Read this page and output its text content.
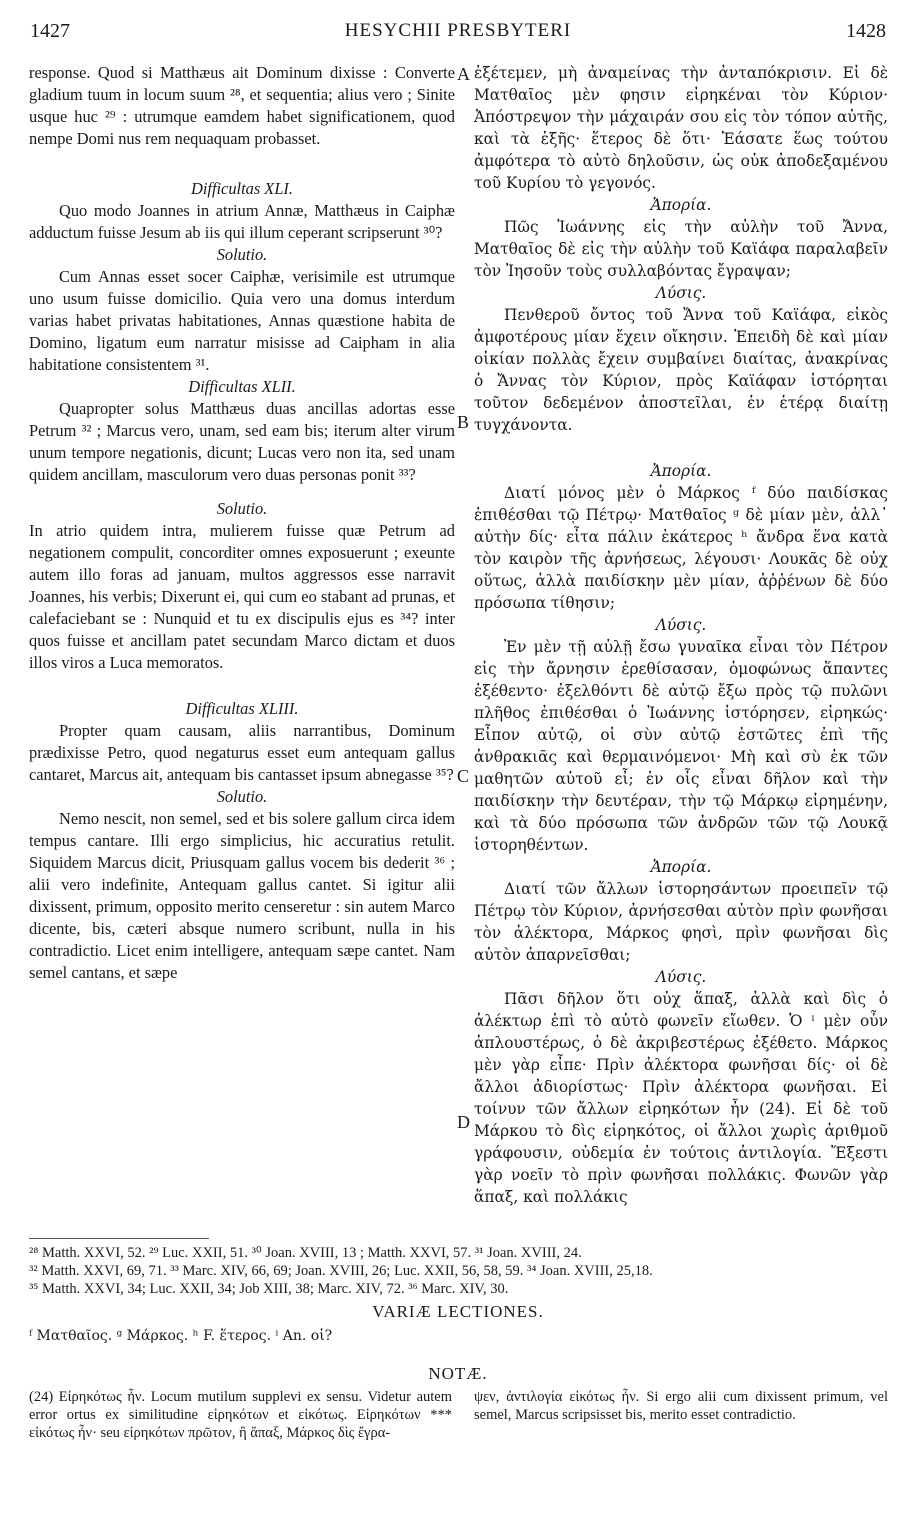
1427	HESYCHII PRESBYTERI	1428

response. Quod si Matthæus ait Dominum dixisse : Converte gladium tuum in locum suum ²⁸, et sequentia; alius vero ; Sinite usque huc ²⁹ : utrumque eamdem habet significationem, quod nempe Domi nus rem nequaquam probasset.

Difficultas XLI.

Quo modo Joannes in atrium Annæ, Matthæus in Caiphæ adductum fuisse Jesum ab iis qui illum ceperant scripserunt ³⁰?

Solutio.

Cum Annas esset socer Caiphæ, verisimile est utrumque uno usum fuisse domicilio. Quia vero una domus interdum varias habet privatas habitationes, Annas quæstione habita de Domino, ligatum eum narratur misisse ad Caipham in alia habitatione consistentem ³¹.

Difficultas XLII.

Quapropter solus Matthæus duas ancillas adortas esse Petrum ³² ; Marcus vero, unam, sed eam bis; iterum alter virum unum tempore negationis, dicunt; Lucas vero non ita, sed unam quidem ancillam, masculorum vero duas personas ponit ³³?

Solutio.

In atrio quidem intra, mulierem fuisse quæ Petrum ad negationem compulit, concorditer omnes exposuerunt ; exeunte autem illo foras ad januam, multos aggressos esse narravit Joannes, his verbis; Dixerunt ei, qui cum eo stabant ad prunas, et calefaciebant se : Nunquid et tu ex discipulis ejus es ³⁴? inter quos fuisse et ancillam patet secundam Marco dictam et duos illos viros a Luca memoratos.

Difficultas XLIII.

Propter quam causam, aliis narrantibus, Dominum prædixisse Petro, quod negaturus esset eum antequam gallus cantaret, Marcus ait, antequam bis cantasset ipsum abnegasse ³⁵?

Solutio.

Nemo nescit, non semel, sed et bis solere gallum circa idem tempus cantare. Illi ergo simplicius, hic accuratius retulit. Siquidem Marcus dicit, Priusquam gallus vocem bis dederit ³⁶ ; alii vero indefinite, Antequam gallus cantet. Si igitur alii dixissent, primum, opposito merito censeretur : sin autem Marco dicente, bis, cæteri absque numero scribunt, nulla in his contradictio. Licet enim intelligere, antequam sæpe cantet. Nam semel cantans, et sæpe

ἐξέτεμεν, μὴ ἀναμείνας τὴν ἀνταπόκρισιν. Εἰ δὲ Ματθαῖος μὲν φησιν εἰρηκέναι τὸν Κύριον· Ἀπόστρεψον τὴν μάχαιράν σου εἰς τὸν τόπον αὐτῆς, καὶ τὰ ἑξῆς· ἕτερος δὲ ὅτι· Ἐάσατε ἕως τούτου ἀμφότερα τὸ αὐτὸ δηλοῦσιν, ὡς οὐκ ἀποδεξαμένου τοῦ Κυρίου τὸ γεγονός.

Ἀπορία.

Πῶς Ἰωάννης εἰς τὴν αὐλὴν τοῦ Ἄννα, Ματθαῖος δὲ εἰς τὴν αὐλὴν τοῦ Καϊάφα παραλαβεῖν τὸν Ἰησοῦν τοὺς συλλαβόντας ἔγραψαν;

Λύσις.

Πενθεροῦ ὄντος τοῦ Ἄννα τοῦ Καϊάφα, εἰκὸς ἀμφοτέρους μίαν ἔχειν οἴκησιν. Ἐπειδὴ δὲ καὶ μίαν οἰκίαν πολλὰς ἔχειν συμβαίνει διαίτας, ἀνακρίνας ὁ Ἄννας τὸν Κύριον, πρὸς Καϊάφαν ἱστόρηται τοῦτον δεδεμένον ἀποστεῖλαι, ἐν ἑτέρᾳ διαίτῃ τυγχάνοντα.

Ἀπορία.

Διατί μόνος μὲν ὁ Μάρκος ᶠ δύο παιδίσκας ἐπιθέσθαι τῷ Πέτρῳ· Ματθαῖος ᵍ δὲ μίαν μὲν, ἀλλ᾽ αὐτὴν δίς· εἶτα πάλιν ἑκάτερος ʰ ἄνδρα ἕνα κατὰ τὸν καιρὸν τῆς ἀρνήσεως, λέγουσι· Λουκᾶς δὲ οὐχ οὕτως, ἀλλὰ παιδίσκην μὲν μίαν, ἀῤῥένων δὲ δύο πρόσωπα τίθησιν;

Λύσις.

Ἐν μὲν τῇ αὐλῇ ἔσω γυναῖκα εἶναι τὸν Πέτρον εἰς τὴν ἄρνησιν ἐρεθίσασαν, ὁμοφώνως ἅπαντες ἐξέθεντο· ἐξελθόντι δὲ αὐτῷ ἔξω πρὸς τῷ πυλῶνι πλῆθος ἐπιθέσθαι ὁ Ἰωάννης ἱστόρησεν, εἰρηκώς· Εἶπον αὐτῷ, οἱ σὺν αὐτῷ ἑστῶτες ἐπὶ τῆς ἀνθρακιᾶς καὶ θερμαινόμενοι· Μὴ καὶ σὺ ἐκ τῶν μαθητῶν αὐτοῦ εἶ; ἐν οἷς εἶναι δῆλον καὶ τὴν παιδίσκην τὴν δευτέραν, τὴν τῷ Μάρκῳ εἰρημένην, καὶ τὰ δύο πρόσωπα τῶν ἀνδρῶν τῶν τῷ Λουκᾷ ἱστορηθέντων.

Ἀπορία.

Διατί τῶν ἄλλων ἱστορησάντων προειπεῖν τῷ Πέτρῳ τὸν Κύριον, ἀρνήσεσθαι αὐτὸν πρὶν φωνῆσαι τὸν ἀλέκτορα, Μάρκος φησὶ, πρὶν φωνῆσαι δὶς αὐτὸν ἀπαρνεῖσθαι;

Λύσις.

Πᾶσι δῆλον ὅτι οὐχ ἅπαξ, ἀλλὰ καὶ δὶς ὁ ἀλέκτωρ ἐπὶ τὸ αὐτὸ φωνεῖν εἴωθεν. Ὁ ⁱ μὲν οὖν ἁπλουστέρως, ὁ δὲ ἀκριβεστέρως ἐξέθετο. Μάρκος μὲν γὰρ εἶπε· Πρὶν ἀλέκτορα φωνῆσαι δίς· οἱ δὲ ἄλλοι ἀδιορίστως· Πρὶν ἀλέκτορα φωνῆσαι. Εἰ τοίνυν τῶν ἄλλων εἰρηκότων ἦν (24). Εἰ δὲ τοῦ Μάρκου τὸ δὶς εἰρηκότος, οἱ ἄλλοι χωρὶς ἀριθμοῦ γράφουσιν, οὐδεμία ἐν τούτοις ἀντιλογία. Ἔξεστι γὰρ νοεῖν τὸ πρὶν φωνῆσαι πολλάκις. Φωνῶν γὰρ ἅπαξ, καὶ πολλάκις

A
B
C
D
²⁸ Matth. XXVI, 52. ²⁹ Luc. XXII, 51. ³⁰ Joan. XVIII, 13 ; Matth. XXVI, 57. ³¹ Joan. XVIII, 24.
³² Matth. XXVI, 69, 71. ³³ Marc. XIV, 66, 69; Joan. XVIII, 26; Luc. XXII, 56, 58, 59. ³⁴ Joan. XVIII, 25,18.
³⁵ Matth. XXVI, 34; Luc. XXII, 34; Job XIII, 38; Marc. XIV, 72. ³⁶ Marc. XIV, 30.
VARIÆ LECTIONES.
ᶠ Ματθαῖος. ᵍ Μάρκος. ʰ F. ἕτερος. ⁱ An. οἱ?
NOTÆ.
(24) Εἰρηκότως ἦν. Locum mutilum supplevi ex sensu. Videtur autem error ortus ex similitudine εἰρηκότων et εἰκότως. Εἰρηκότων *** εἰκότως ἦν· seu εἰρηκότων πρῶτον, ἢ ἅπαξ, Μάρκος δὶς ἔγρα-
ψεν, ἀντιλογία εἰκότως ἦν. Si ergo alii cum dixissent primum, vel semel, Marcus scripsisset bis, merito esset contradictio.
